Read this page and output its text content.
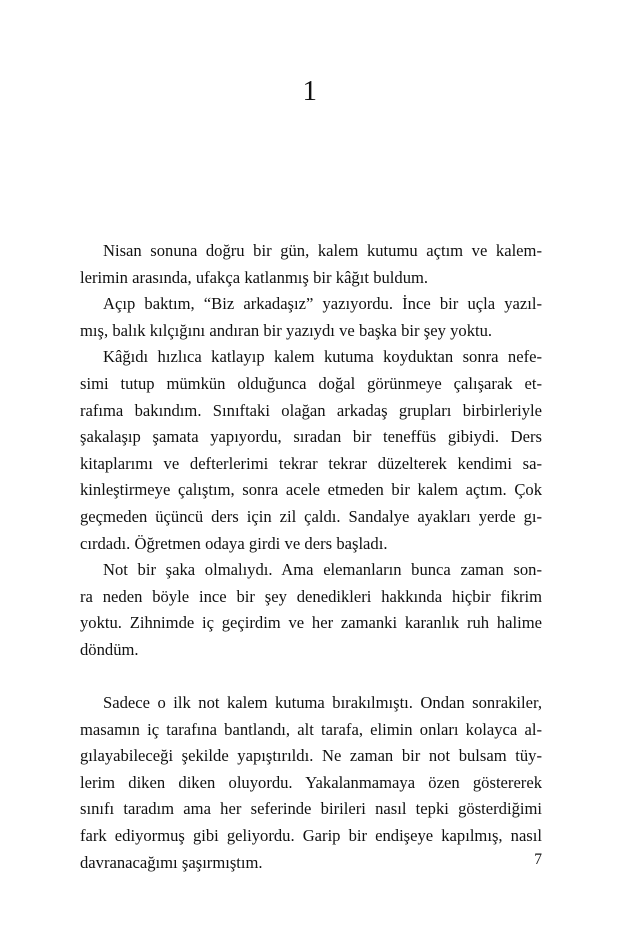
1

Nisan sonuna doğru bir gün, kalem kutumu açtım ve kalem-
lerimin arasında, ufakça katlanmış bir kâğıt buldum.

Açıp baktım, “Biz arkadaşız” yazıyordu. İnce bir uçla yazıl-
mış, balık kılçığını andıran bir yazıydı ve başka bir şey yoktu.

Kâğıdı hızlıca katlayıp kalem kutuma koyduktan sonra nefe-
simi tutup mümkün olduğunca doğal görünmeye çalışarak et-
rafıma bakındım. Sınıftaki olağan arkadaş grupları birbirleriyle
şakalaşıp şamata yapıyordu, sıradan bir teneffüs gibiydi. Ders
kitaplarımı ve defterlerimi tekrar tekrar düzelterek kendimi sa-
kinleştirmeye çalıştım, sonra acele etmeden bir kalem açtım. Çok
geçmeden üçüncü ders için zil çaldı. Sandalye ayakları yerde gı-
cırdadı. Öğretmen odaya girdi ve ders başladı.

Not bir şaka olmalıydı. Ama elemanların bunca zaman son-
ra neden böyle ince bir şey denedikleri hakkında hiçbir fikrim
yoktu. Zihnimde iç geçirdim ve her zamanki karanlık ruh halime
döndüm.

Sadece o ilk not kalem kutuma bırakılmıştı. Ondan sonrakiler,
masamın iç tarafına bantlandı, alt tarafa, elimin onları kolayca al-
gılayabileceği şekilde yapıştırıldı. Ne zaman bir not bulsam tüy-
lerim diken diken oluyordu. Yakalanmamaya özen göstererek
sınıfı taradım ama her seferinde birileri nasıl tepki gösterdiğimi
fark ediyormuş gibi geliyordu. Garip bir endişeye kapılmış, nasıl
davranacağımı şaşırmıştım.	7
